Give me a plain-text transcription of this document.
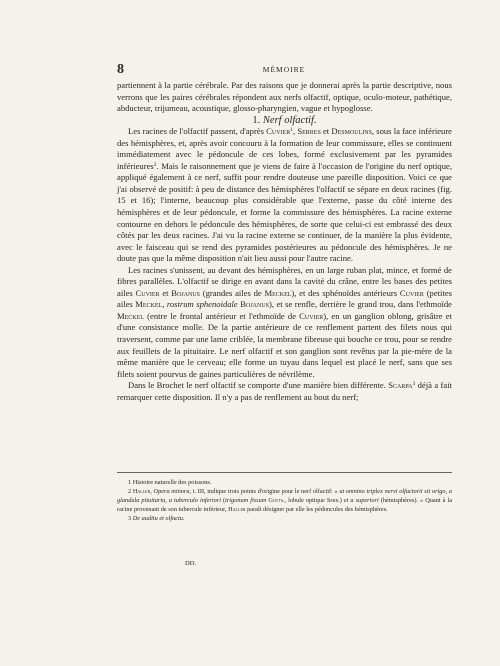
8	MÉMOIRE

partiennent à la partie cérébrale. Par des raisons que je donnerai après la partie descriptive, nous verrons que les paires cérébrales répondent aux nerfs olfactif, optique, oculo-moteur, pathétique, abducteur, trijumeau, acoustique, glosso-pharyngien, vague et hypoglosse.

1. Nerf olfactif.

Les racines de l'olfactif passent, d'après Cuvier$^1$, Serres et Desmoulins, sous la face inférieure des hémisphères, et, après avoir concouru à la formation de leur commissure, elles se continuent immédiatement avec le pédoncule de ces lobes, formé exclusivement par les pyramides inférieures$^2$. Mais le raisonnement que je viens de faire à l'occasion de l'origine du nerf optique, appliqué également à ce nerf, suffit pour rendre douteuse une pareille disposition. Voici ce que j'ai observé de positif: à peu de distance des hémisphères l'olfactif se sépare en deux racines (fig. 15 et 16); l'interne, beaucoup plus considérable que l'externe, passe du côté interne des hémisphères et de leur pédoncule, et forme la commissure des hémisphères. La racine externe contourne en dehors le pédoncule des hémisphères, de sorte que celui-ci est embrassé des deux côtés par les deux racines. J'ai vu la racine externe se continuer, de la manière la plus évidente, avec le faisceau qui se rend des pyramides postérieures au pédoncule des hémisphères. Je ne doute pas que la même disposition n'ait lieu aussi pour l'autre racine.

Les racines s'unissent, au devant des hémisphères, en un large ruban plat, mince, et formé de fibres parallèles. L'olfactif se dirige en avant dans la cavité du crâne, entre les bases des petites ailes Cuvier et Bojanus (grandes ailes de Meckel), et des sphénoïdes antérieurs Cuvier (petites ailes Meckel, rostrum sphenoidale Bojanus), et se renfle, derrière le grand trou, dans l'ethmoïde Meckel (entre le frontal antérieur et l'ethmoïde de Cuvier), en un ganglion oblong, grisâtre et d'une consistance molle. De la partie antérieure de ce renflement partent des filets nous qui traversent, comme par une lame criblée, la membrane fibreuse qui bouche ce trou, pour se rendre aux feuillets de la pituitaire. Le nerf olfactif et son ganglion sont revêtus par la pie-mère de la même manière que le cerveau; elle forme un tuyau dans lequel est placé le nerf, sans que ses filets soient pourvus de gaines particulières de névrilème.

Dans le Brochet le nerf olfactif se comporte d'une manière bien différente. Scarpa$^3$ déjà a fait remarquer cette disposition. Il n'y a pas de renflement au bout du nerf;

1 Histoire naturelle des poissons.

2 Haller, Opera minora, t. III, indique trois points d'origine pour le nerf olfactif: « ut omnino triplex nervi olfactorii sit origo, a glandula pituitaria, a tuberculo inferiori (trigonum fissum Gotts., lobule optique Serr.) et a superiori (hémisphères). » Quant à la racine provenant de son tubercule inférieur, Haller paraît désigner par elle les pédoncules des hémisphères.

3 De auditu et olfactu.

DD.
